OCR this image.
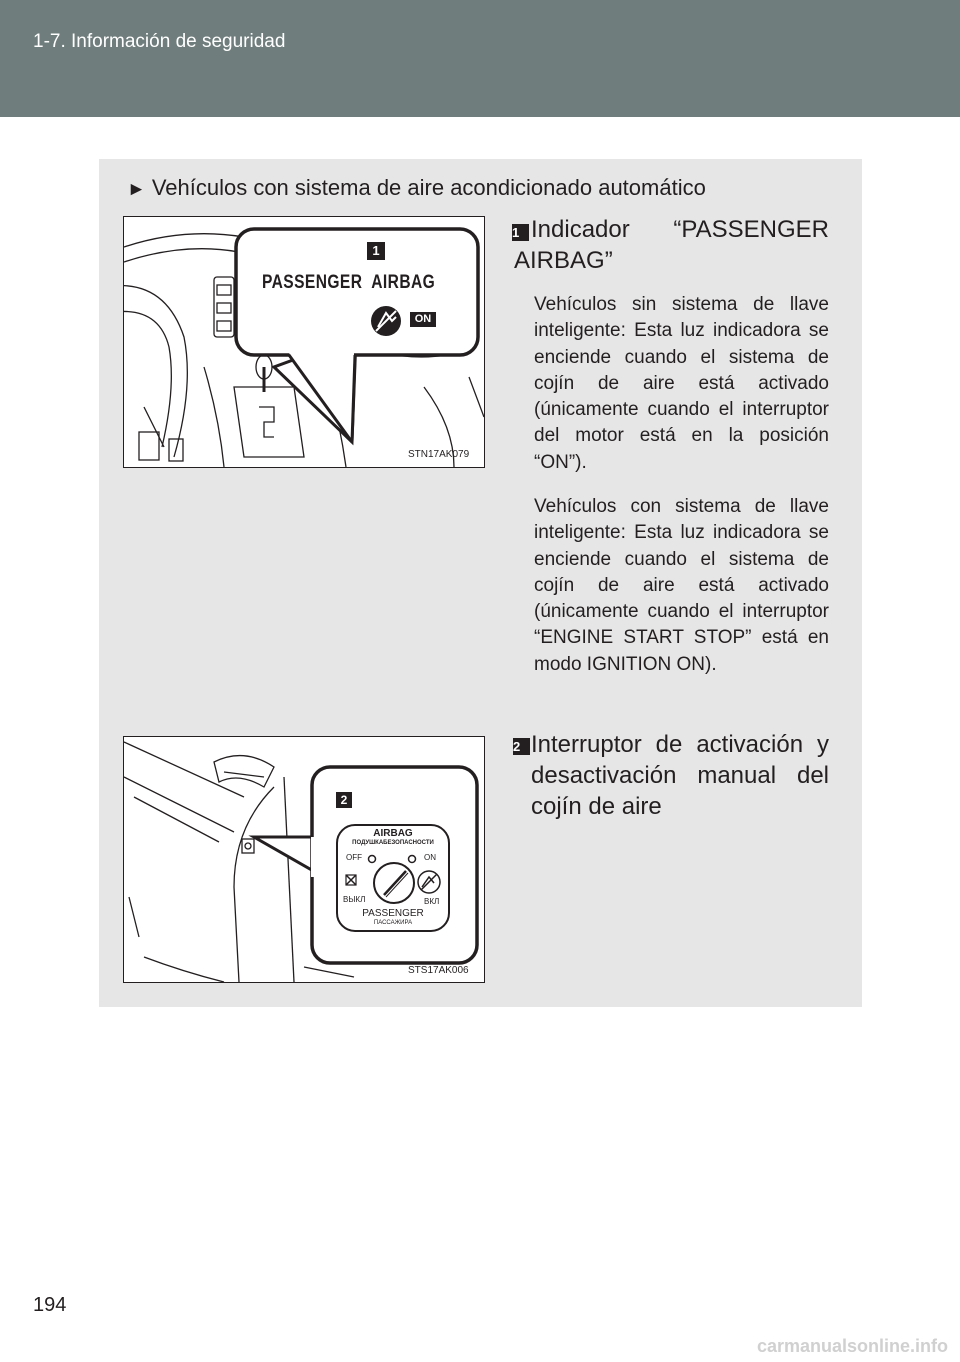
1-7. Información de seguridad
► Vehículos con sistema de aire acondicionado automático
1
PASSENGER  AIRBAG
ON
STN17AK079
1 Indicador “PASSENGER AIRBAG”
Vehículos sin sistema de llave inteligente: Esta luz indicadora se enciende cuando el sistema de cojín de aire está activado (únicamente cuando el interruptor del motor está en la posición “ON”).
Vehículos con sistema de llave inteligente: Esta luz indicadora se enciende cuando el sistema de cojín de aire está activado (únicamente cuando el interruptor “ENGINE START STOP” está en modo IGNITION ON).
2
AIRBAG
ПОДУШКАБЕЗОПАСНОСТИ
OFF	ON
ВЫКЛ	ВКЛ
PASSENGER
ПАССАЖИРА
STS17AK006
2 Interruptor de activación y desactivación manual del cojín de aire
194
carmanualsonline.info
